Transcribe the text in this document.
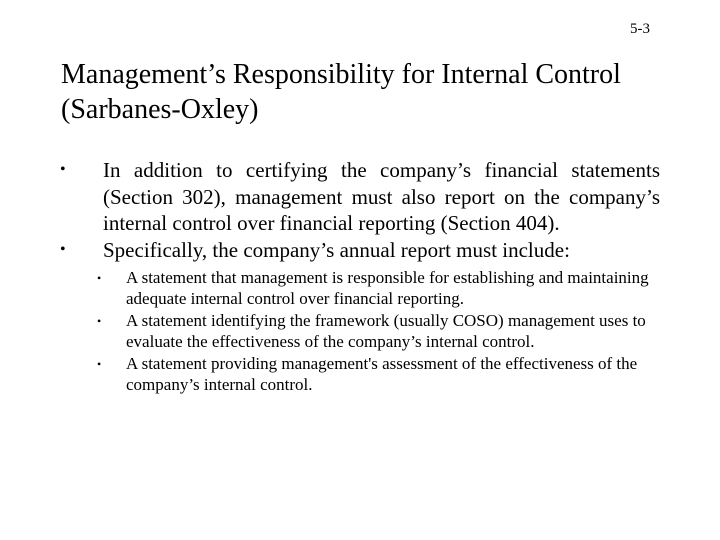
5-3
Management’s Responsibility for Internal Control (Sarbanes-Oxley)
• In addition to certifying the company’s financial statements (Section 302), management must also report on the company’s internal control over financial reporting (Section 404).
• Specifically, the company’s annual report must include:
• A statement that management is responsible for establishing and maintaining adequate internal control over financial reporting.
• A statement identifying the framework (usually COSO) management uses to evaluate the effectiveness of the company’s internal control.
• A statement providing management's assessment of the effectiveness of the company’s internal control.
